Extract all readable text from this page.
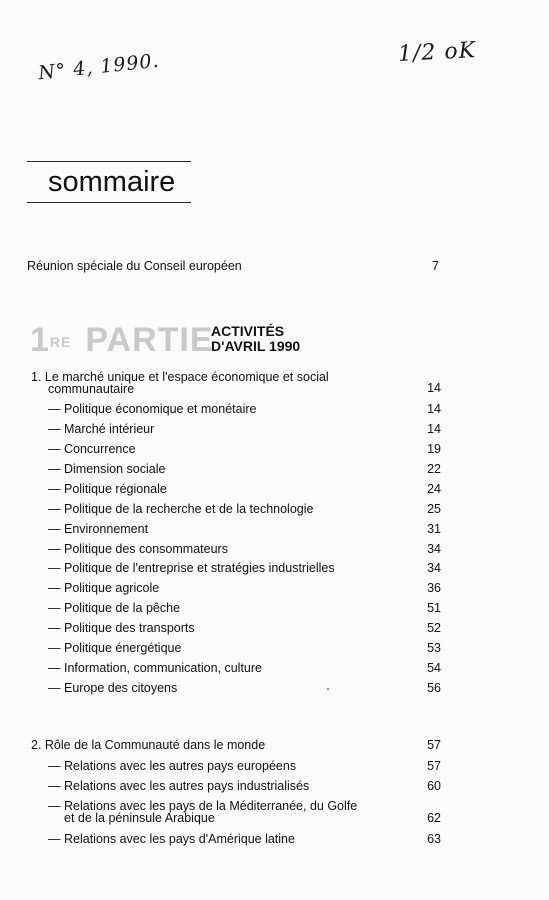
N° 4, 1990.	1/2 oK
sommaire
Réunion spéciale du Conseil européen	7
1RE PARTIE
ACTIVITÉS
D'AVRIL 1990
1. Le marché unique et l'espace économique et social
communautaire	14
— Politique économique et monétaire	14
— Marché intérieur	14
— Concurrence	19
— Dimension sociale	22
— Politique régionale	24
— Politique de la recherche et de la technologie	25
— Environnement	31
— Politique des consommateurs	34
— Politique de l'entreprise et stratégies industrielles	34
— Politique agricole	36
— Politique de la pêche	51
— Politique des transports	52
— Politique énergétique	53
— Information, communication, culture	54
— Europe des citoyens	56
2. Rôle de la Communauté dans le monde	57
— Relations avec les autres pays européens	57
— Relations avec les autres pays industrialisés	60
— Relations avec les pays de la Méditerranée, du Golfe
et de la péninsule Arabique	62
— Relations avec les pays d'Amérique latine	63
